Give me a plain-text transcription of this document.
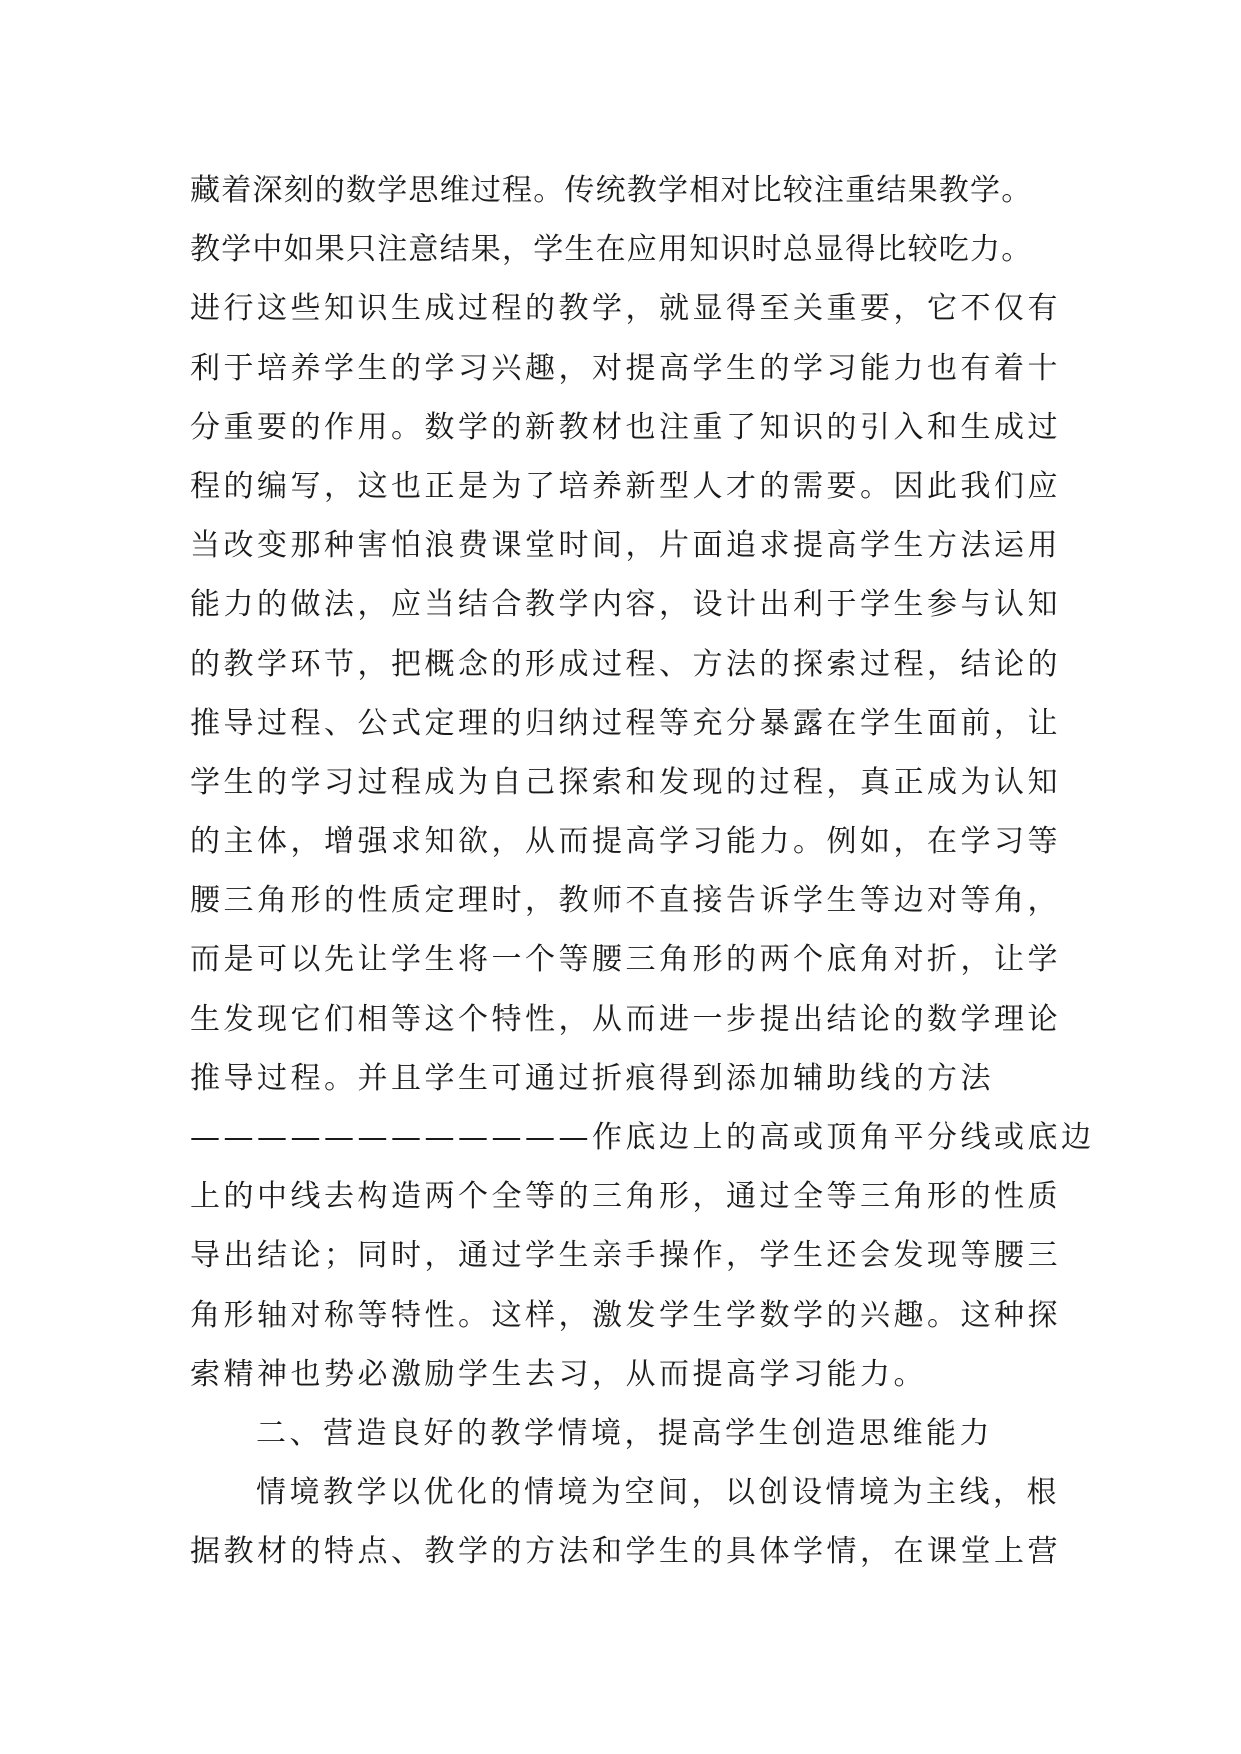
藏着深刻的数学思维过程。传统教学相对比较注重结果教学。
教学中如果只注意结果，学生在应用知识时总显得比较吃力。
进行这些知识生成过程的教学，就显得至关重要，它不仅有
利于培养学生的学习兴趣，对提高学生的学习能力也有着十
分重要的作用。数学的新教材也注重了知识的引入和生成过
程的编写，这也正是为了培养新型人才的需要。因此我们应
当改变那种害怕浪费课堂时间，片面追求提高学生方法运用
能力的做法，应当结合教学内容，设计出利于学生参与认知
的教学环节，把概念的形成过程、方法的探索过程，结论的
推导过程、公式定理的归纳过程等充分暴露在学生面前，让
学生的学习过程成为自己探索和发现的过程，真正成为认知
的主体，增强求知欲，从而提高学习能力。例如，在学习等
腰三角形的性质定理时，教师不直接告诉学生等边对等角，
而是可以先让学生将一个等腰三角形的两个底角对折，让学
生发现它们相等这个特性，从而进一步提出结论的数学理论
推导过程。并且学生可通过折痕得到添加辅助线的方法
————————————作底边上的高或顶角平分线或底边
上的中线去构造两个全等的三角形，通过全等三角形的性质
导出结论；同时，通过学生亲手操作，学生还会发现等腰三
角形轴对称等特性。这样，激发学生学数学的兴趣。这种探
索精神也势必激励学生去习，从而提高学习能力。
二、营造良好的教学情境，提高学生创造思维能力
情境教学以优化的情境为空间，以创设情境为主线，根
据教材的特点、教学的方法和学生的具体学情，在课堂上营
